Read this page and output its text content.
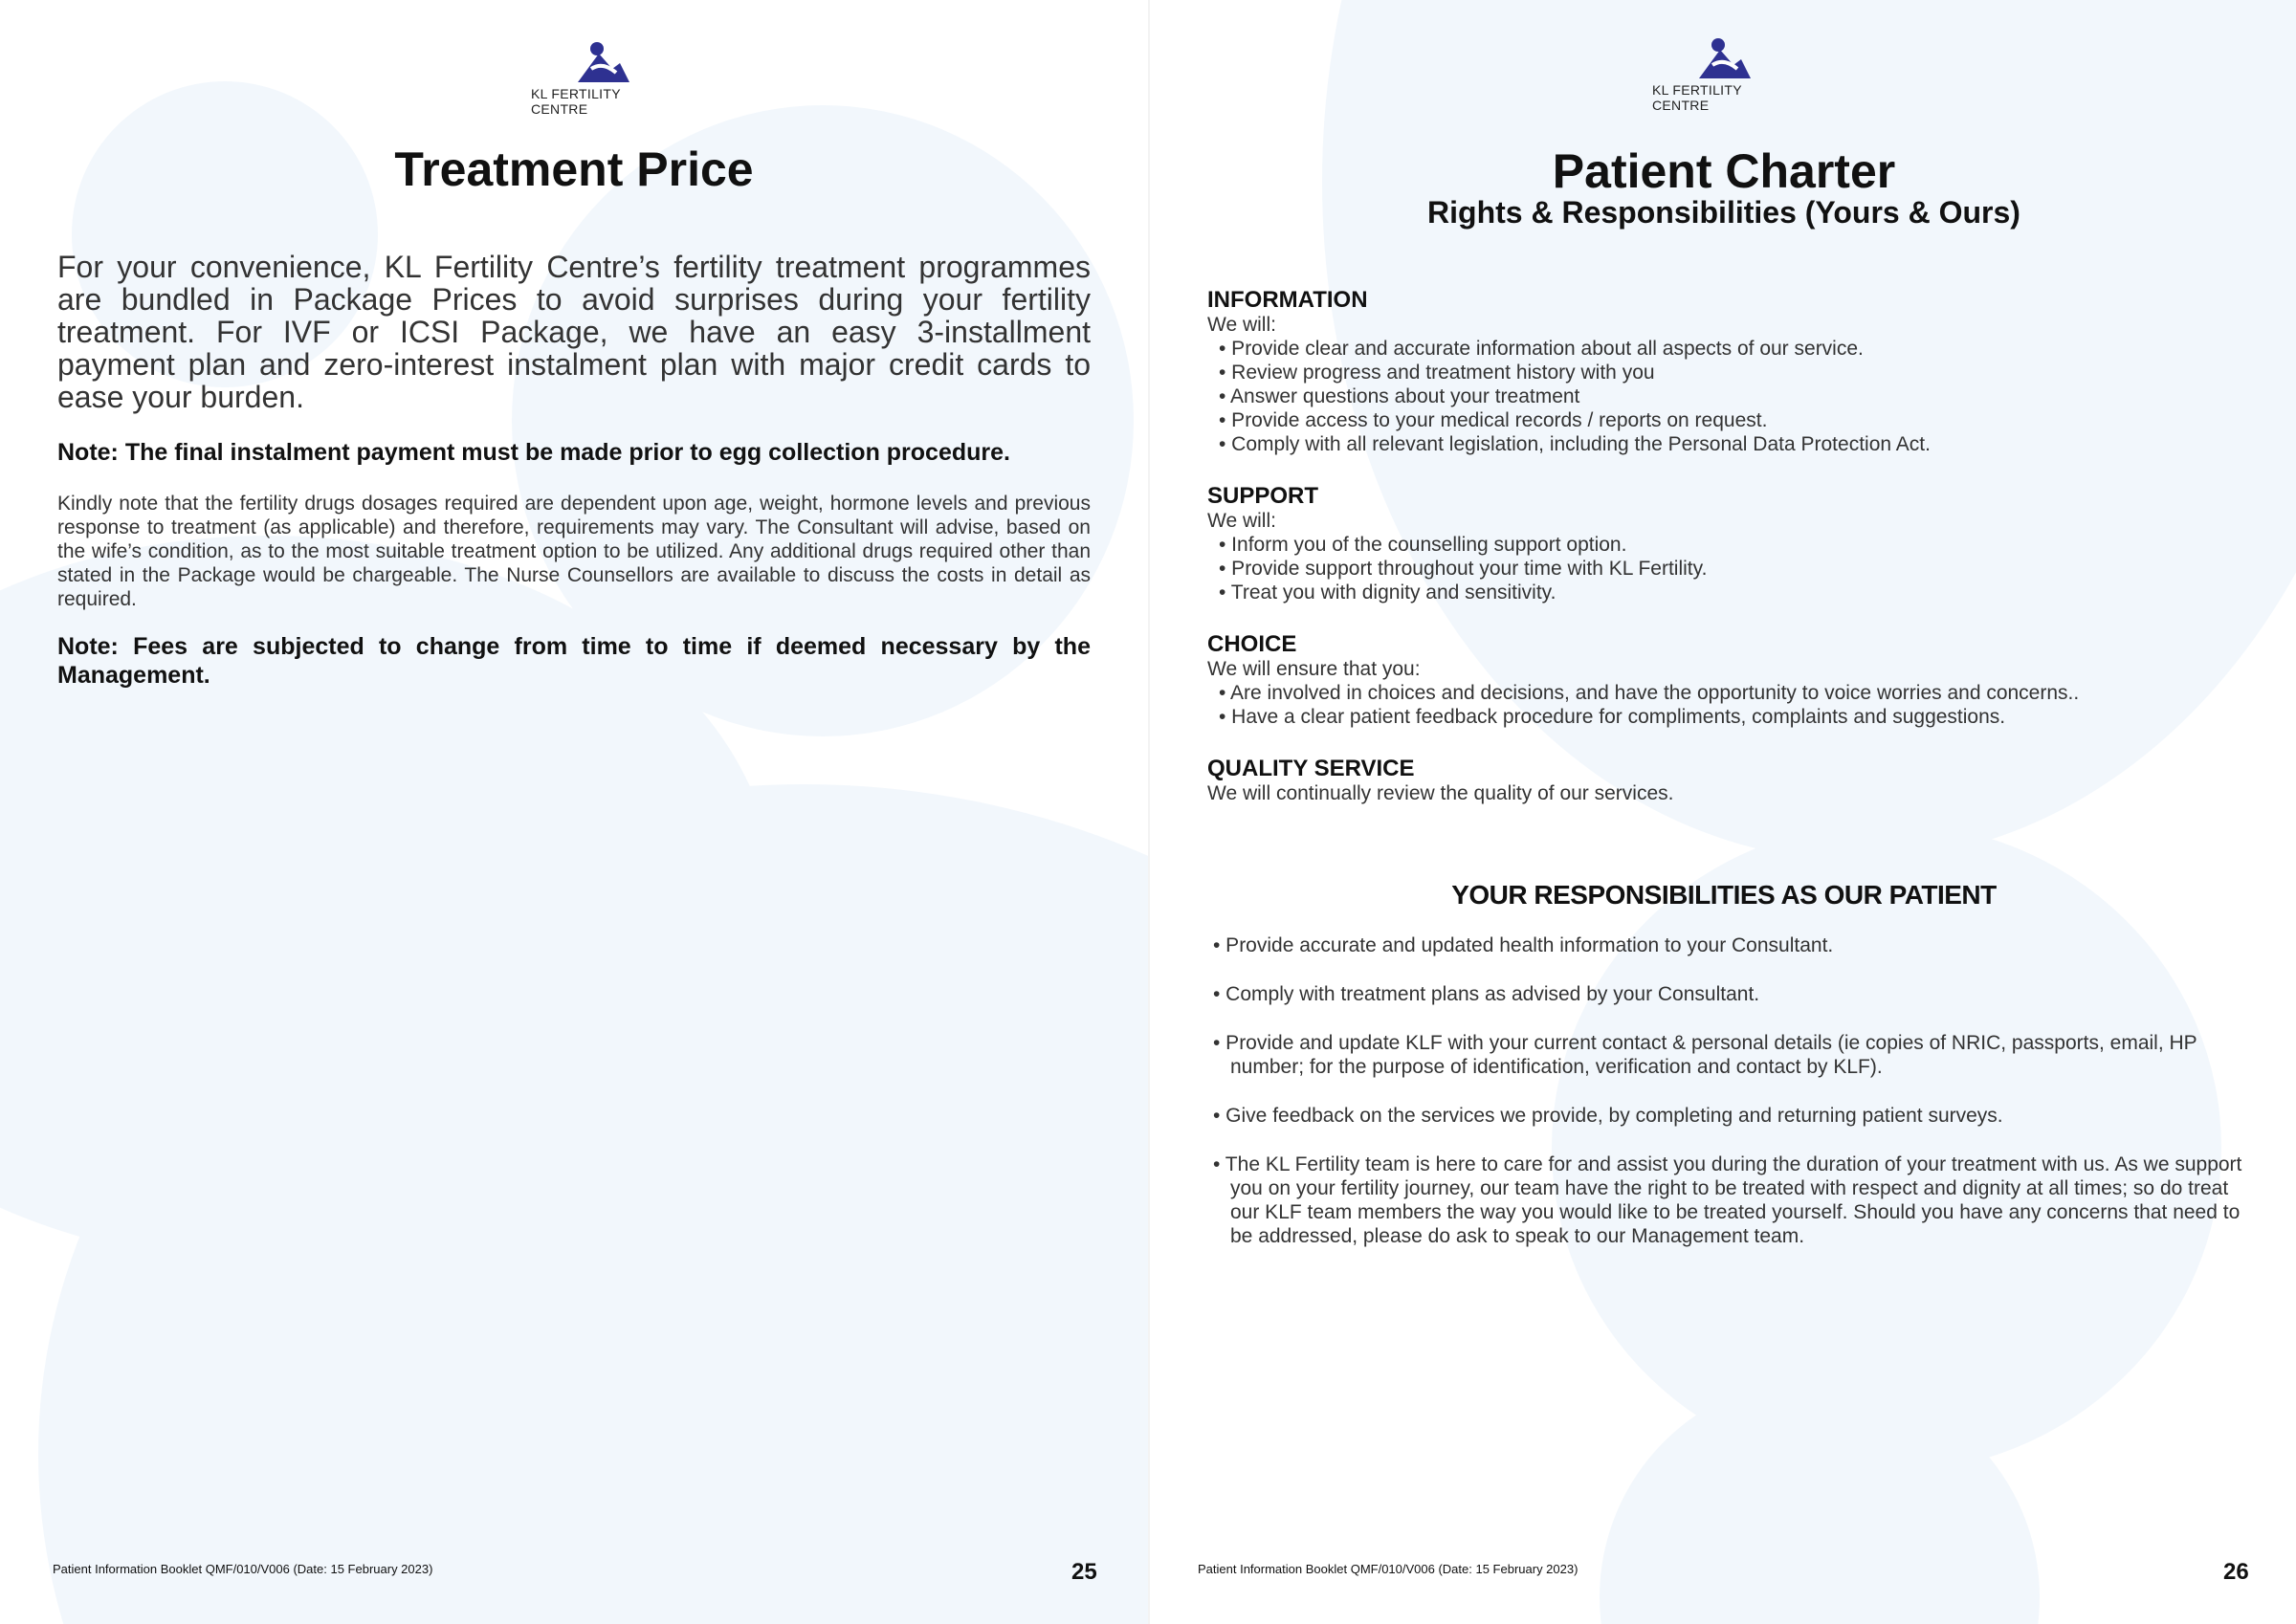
KL FERTILITY CENTRE
Treatment Price

For your convenience, KL Fertility Centre’s fertility treatment programmes are bundled in Package Prices to avoid surprises during your fertility treatment. For IVF or ICSI Package, we have an easy 3-installment payment plan and zero-interest instalment plan with major credit cards to ease your burden.

Note: The final instalment payment must be made prior to egg collection procedure.

Kindly note that the fertility drugs dosages required are dependent upon age, weight, hormone levels and previous response to treatment (as applicable) and therefore, requirements may vary. The Consultant will advise, based on the wife’s condition, as to the most suitable treatment option to be utilized. Any additional drugs required other than stated in the Package would be chargeable. The Nurse Counsellors are available to discuss the costs in detail as required.

Note: Fees are subjected to change from time to time if deemed necessary by the Management.

Patient Information Booklet QMF/010/V006 (Date: 15 February 2023)	25
KL FERTILITY CENTRE
Patient Charter
Rights & Responsibilities (Yours & Ours)
INFORMATION
We will:
• Provide clear and accurate information about all aspects of our service.
• Review progress and treatment history with you
• Answer questions about your treatment
• Provide access to your medical records / reports on request.
• Comply with all relevant legislation, including the Personal Data Protection Act.
SUPPORT
We will:
• Inform you of the counselling support option.
• Provide support throughout your time with KL Fertility.
• Treat you with dignity and sensitivity.
CHOICE
We will ensure that you:
• Are involved in choices and decisions, and have the opportunity to voice worries and concerns..
• Have a clear patient feedback procedure for compliments, complaints and suggestions.
QUALITY SERVICE
We will continually review the quality of our services.
YOUR RESPONSIBILITIES AS OUR PATIENT
• Provide accurate and updated health information to your Consultant.
• Comply with treatment plans as advised by your Consultant.
• Provide and update KLF with your current contact & personal details (ie copies of NRIC, passports, email, HP number; for the purpose of identification, verification and contact by KLF).
• Give feedback on the services we provide, by completing and returning patient surveys.
• The KL Fertility team is here to care for and assist you during the duration of your treatment with us. As we support you on your fertility journey, our team have the right to be treated with respect and dignity at all times; so do treat our KLF team members the way you would like to be treated yourself. Should you have any concerns that need to be addressed, please do ask to speak to our Management team.
Patient Information Booklet QMF/010/V006 (Date: 15 February 2023)	26
